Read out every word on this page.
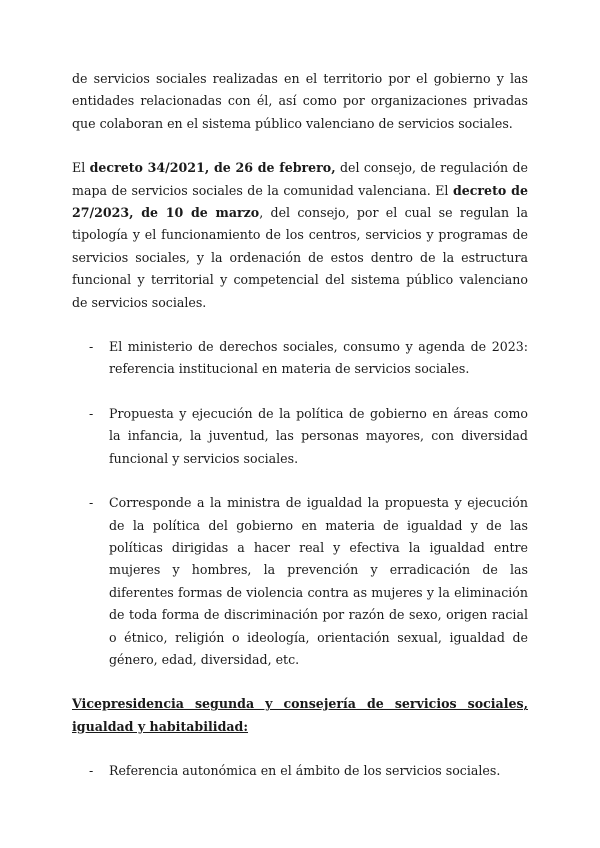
de servicios sociales realizadas en el territorio por el gobierno y las entidades relacionadas con él, así como por organizaciones privadas que colaboran en el sistema público valenciano de servicios sociales.

El decreto 34/2021, de 26 de febrero, del consejo, de regulación de mapa de servicios sociales de la comunidad valenciana. El decreto de 27/2023, de 10 de marzo, del consejo, por el cual se regulan la tipología y el funcionamiento de los centros, servicios y programas de servicios sociales, y la ordenación de estos dentro de la estructura funcional y territorial y competencial del sistema público valenciano de servicios sociales.

- El ministerio de derechos sociales, consumo y agenda de 2023: referencia institucional en materia de servicios sociales.

- Propuesta y ejecución de la política de gobierno en áreas como la infancia, la juventud, las personas mayores, con diversidad funcional y servicios sociales.

- Corresponde a la ministra de igualdad la propuesta y ejecución de la política del gobierno en materia de igualdad y de las políticas dirigidas a hacer real y efectiva la igualdad entre mujeres y hombres, la prevención y erradicación de las diferentes formas de violencia contra as mujeres y la eliminación de toda forma de discriminación por razón de sexo, origen racial o étnico, religión o ideología, orientación sexual, igualdad de género, edad, diversidad, etc.

Vicepresidencia segunda y consejería de servicios sociales, igualdad y habitabilidad:

- Referencia autonómica en el ámbito de los servicios sociales.
